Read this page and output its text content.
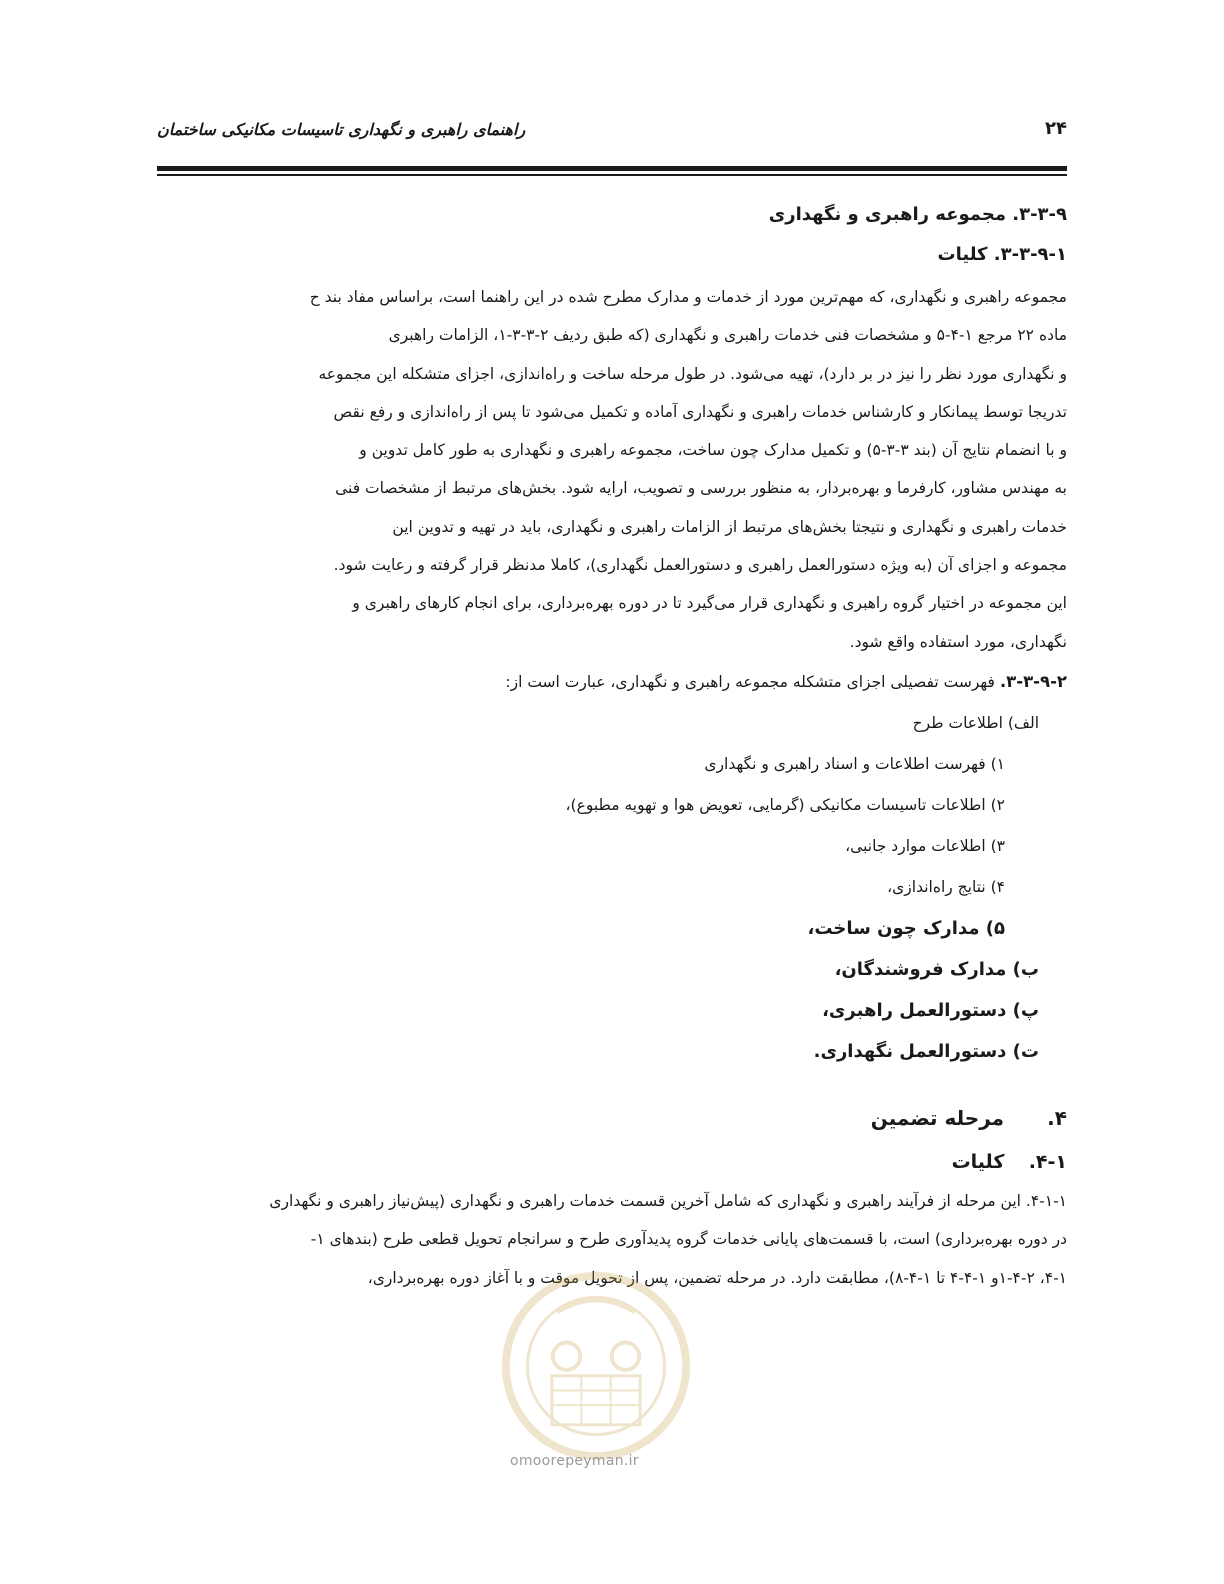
۲۴
راهنمای راهبری و نگهداری تاسیسات مکانیکی ساختمان
۳-۳-۹. مجموعه راهبری و نگهداری
۳-۳-۹-۱. کلیات
مجموعه راهبری و نگهداری، که مهم‌ترین مورد از خدمات و مدارک مطرح شده در این راهنما است، براساس مفاد بند ح
ماده ۲۲ مرجع ۱-۴-۵ و مشخصات فنی خدمات راهبری و نگهداری (که طبق ردیف ۲-۳-۳-۱، الزامات راهبری
و نگهداری مورد نظر را نیز در بر دارد)، تهیه می‌شود. در طول مرحله ساخت و راه‌اندازی، اجزای متشکله این مجموعه
تدریجا توسط پیمانکار و کارشناس خدمات راهبری و نگهداری آماده و تکمیل می‌شود تا پس از راه‌اندازی و رفع نقص
و با انضمام نتایج آن (بند ۳-۳-۵) و تکمیل مدارک چون ساخت، مجموعه راهبری و نگهداری به طور کامل تدوین و
به مهندس مشاور، کارفرما و بهره‌بردار، به منظور بررسی و تصویب، ارایه شود. بخش‌های مرتبط از مشخصات فنی
خدمات راهبری و نگهداری و نتیجتا بخش‌های مرتبط از الزامات راهبری و نگهداری، باید در تهیه و تدوین این
مجموعه و اجزای آن (به ویژه دستورالعمل راهبری و دستورالعمل نگهداری)، کاملا مدنظر قرار گرفته و رعایت شود.
این مجموعه در اختیار گروه راهبری و نگهداری قرار می‌گیرد تا در دوره بهره‌برداری، برای انجام کارهای راهبری و
نگهداری، مورد استفاده واقع شود.
۳-۳-۹-۲. فهرست تفصیلی اجزای متشکله مجموعه راهبری و نگهداری، عبارت است از:
الف) اطلاعات طرح
۱) فهرست اطلاعات و اسناد راهبری و نگهداری
۲) اطلاعات تاسیسات مکانیکی (گرمایی، تعویض هوا و تهویه مطبوع)،
۳) اطلاعات موارد جانبی،
۴) نتایج راه‌اندازی،
۵) مدارک چون ساخت،
ب) مدارک فروشندگان،
پ) دستورالعمل راهبری،
ت) دستورالعمل نگهداری.
۴. مرحله تضمین
۴-۱. کلیات
۴-۱-۱. این مرحله از فرآیند راهبری و نگهداری که شامل آخرین قسمت خدمات راهبری و نگهداری (پیش‌نیاز راهبری و نگهداری
در دوره بهره‌برداری) است، با قسمت‌های پایانی خدمات گروه پدیدآوری طرح و سرانجام تحویل قطعی طرح (بندهای ۱-
۴-۱، ۱-۴-۲و ۱-۴-۴ تا ۱-۴-۸)، مطابقت دارد. در مرحله تضمین، پس از تحویل موقت و با آغاز دوره بهره‌برداری،
omoorepeyman.ir
